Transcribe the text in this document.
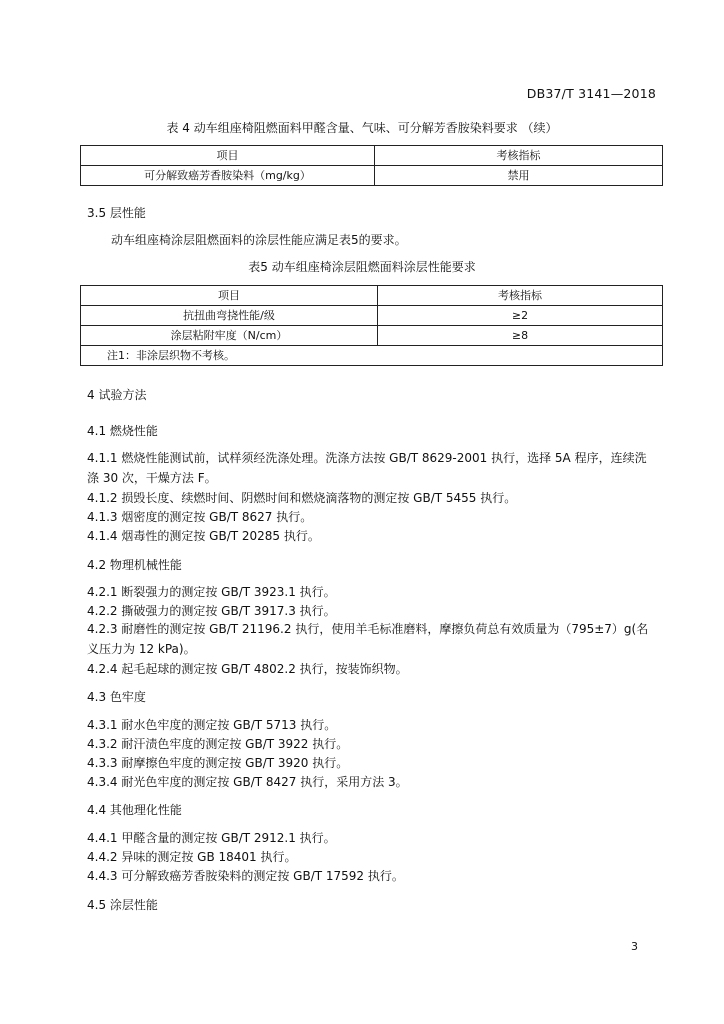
DB37/T 3141—2018
表 4 动车组座椅阻燃面料甲醛含量、气味、可分解芳香胺染料要求 （续）
项目	考核指标
可分解致癌芳香胺染料（mg/kg）	禁用
3.5 层性能
动车组座椅涂层阻燃面料的涂层性能应满足表5的要求。
表5 动车组座椅涂层阻燃面料涂层性能要求
项目	考核指标
抗扭曲弯挠性能/级	≥2
涂层粘附牢度（N/cm）	≥8
注1：非涂层织物不考核。	
4 试验方法
4.1 燃烧性能
4.1.1 燃烧性能测试前，试样须经洗涤处理。洗涤方法按 GB/T 8629-2001 执行，选择 5A 程序，连续洗涤 30 次，干燥方法 F。
4.1.2 损毁长度、续燃时间、阴燃时间和燃烧滴落物的测定按 GB/T 5455 执行。
4.1.3 烟密度的测定按 GB/T 8627 执行。
4.1.4 烟毒性的测定按 GB/T 20285 执行。
4.2 物理机械性能
4.2.1 断裂强力的测定按 GB/T 3923.1 执行。
4.2.2 撕破强力的测定按 GB/T 3917.3 执行。
4.2.3 耐磨性的测定按 GB/T 21196.2 执行，使用羊毛标准磨料，摩擦负荷总有效质量为（795±7）g(名义压力为 12 kPa)。
4.2.4 起毛起球的测定按 GB/T 4802.2 执行，按装饰织物。
4.3 色牢度
4.3.1 耐水色牢度的测定按 GB/T 5713 执行。
4.3.2 耐汗渍色牢度的测定按 GB/T 3922 执行。
4.3.3 耐摩擦色牢度的测定按 GB/T 3920 执行。
4.3.4 耐光色牢度的测定按 GB/T 8427 执行，采用方法 3。
4.4 其他理化性能
4.4.1 甲醛含量的测定按 GB/T 2912.1 执行。
4.4.2 异味的测定按 GB 18401 执行。
4.4.3 可分解致癌芳香胺染料的测定按 GB/T 17592 执行。
4.5 涂层性能
3
